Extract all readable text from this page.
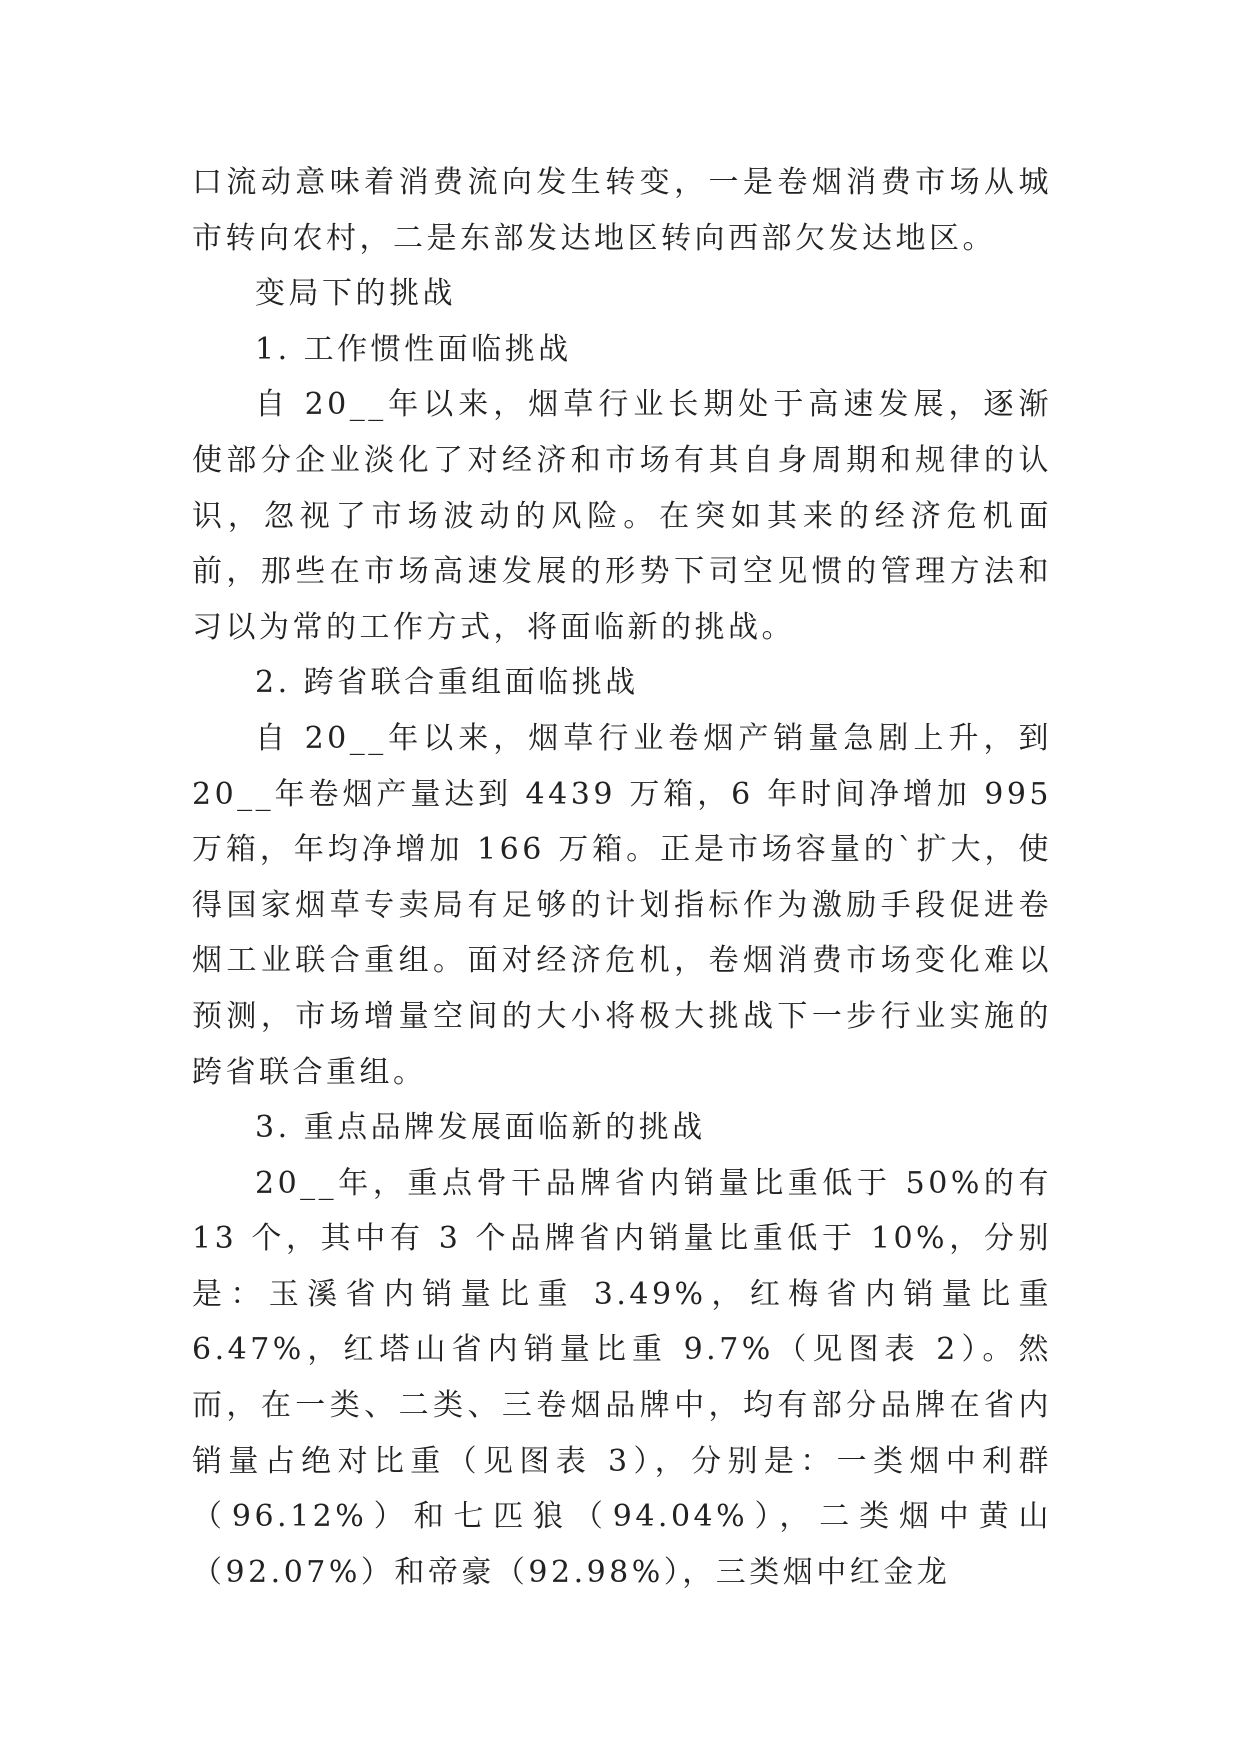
口流动意味着消费流向发生转变，一是卷烟消费市场从城市转向农村，二是东部发达地区转向西部欠发达地区。

变局下的挑战

1. 工作惯性面临挑战

自 20__年以来，烟草行业长期处于高速发展，逐渐使部分企业淡化了对经济和市场有其自身周期和规律的认识，忽视了市场波动的风险。在突如其来的经济危机面前，那些在市场高速发展的形势下司空见惯的管理方法和习以为常的工作方式，将面临新的挑战。

2. 跨省联合重组面临挑战

自 20__年以来，烟草行业卷烟产销量急剧上升，到 20__年卷烟产量达到 4439 万箱，6 年时间净增加 995 万箱，年均净增加 166 万箱。正是市场容量的`扩大，使得国家烟草专卖局有足够的计划指标作为激励手段促进卷烟工业联合重组。面对经济危机，卷烟消费市场变化难以预测，市场增量空间的大小将极大挑战下一步行业实施的跨省联合重组。

3. 重点品牌发展面临新的挑战

20__年，重点骨干品牌省内销量比重低于 50%的有 13 个，其中有 3 个品牌省内销量比重低于 10%，分别是：玉溪省内销量比重 3.49%，红梅省内销量比重 6.47%，红塔山省内销量比重 9.7%（见图表 2）。然而，在一类、二类、三卷烟品牌中，均有部分品牌在省内销量占绝对比重（见图表 3），分别是：一类烟中利群（96.12%）和七匹狼（94.04%），二类烟中黄山（92.07%）和帝豪（92.98%），三类烟中红金龙
